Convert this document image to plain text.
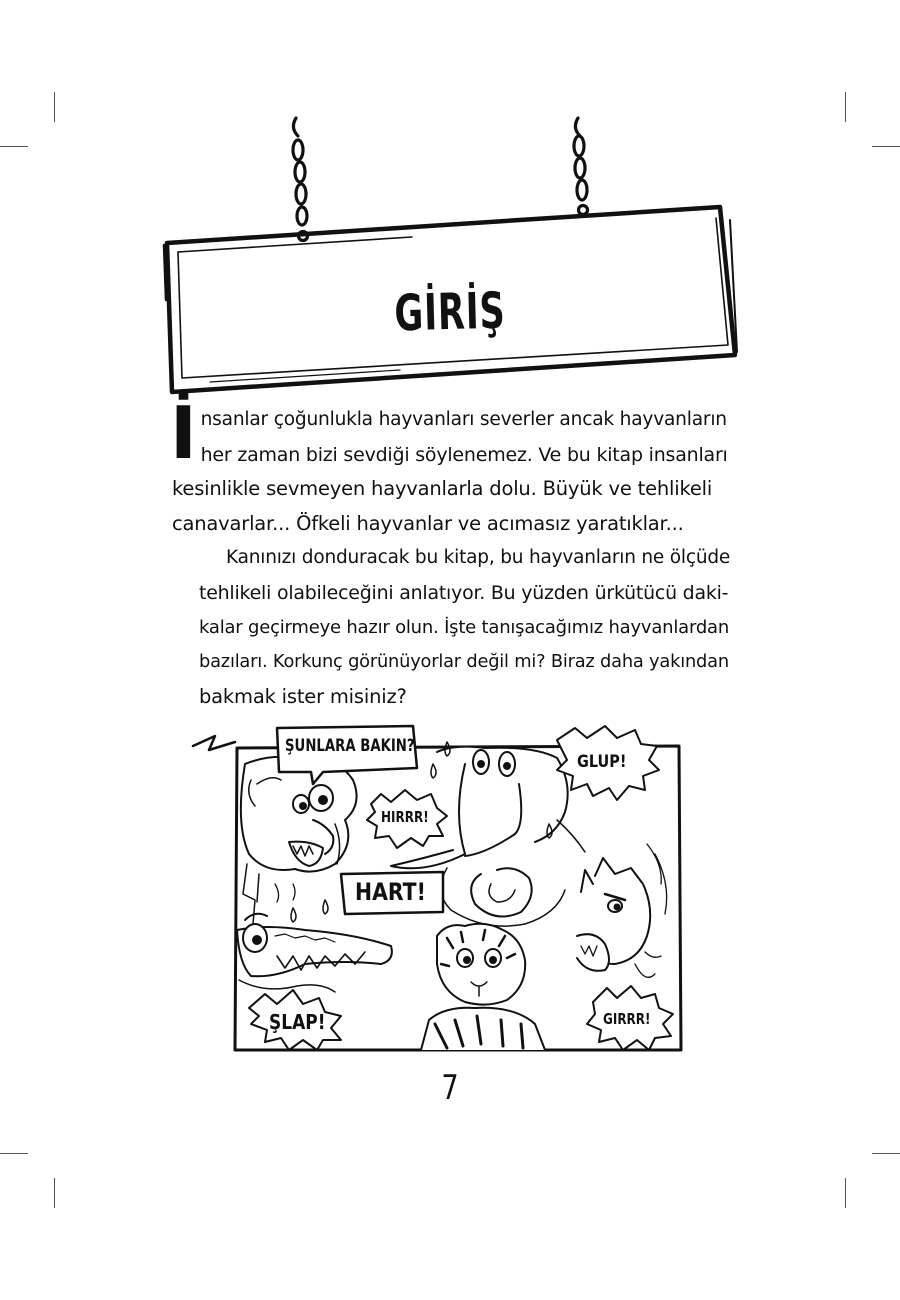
GİRİŞ
İ nsanlar çoğunlukla hayvanları severler ancak hayvanların
her zaman bizi sevdiği söylenemez. Ve bu kitap insanları
kesinlikle sevmeyen hayvanlarla dolu. Büyük ve tehlikeli
canavarlar... Öfkeli hayvanlar ve acımasız yaratıklar...
Kanınızı donduracak bu kitap, bu hayvanların ne ölçüde
tehlikeli olabileceğini anlatıyor. Bu yüzden ürkütücü daki-
kalar geçirmeye hazır olun. İşte tanışacağımız hayvanlardan
bazıları. Korkunç görünüyorlar değil mi? Biraz daha yakından
bakmak ister misiniz?
ŞUNLARA BAKIN?
HIRRR!
GLUP!
HART!
ŞLAP!	GIRRR!
7
